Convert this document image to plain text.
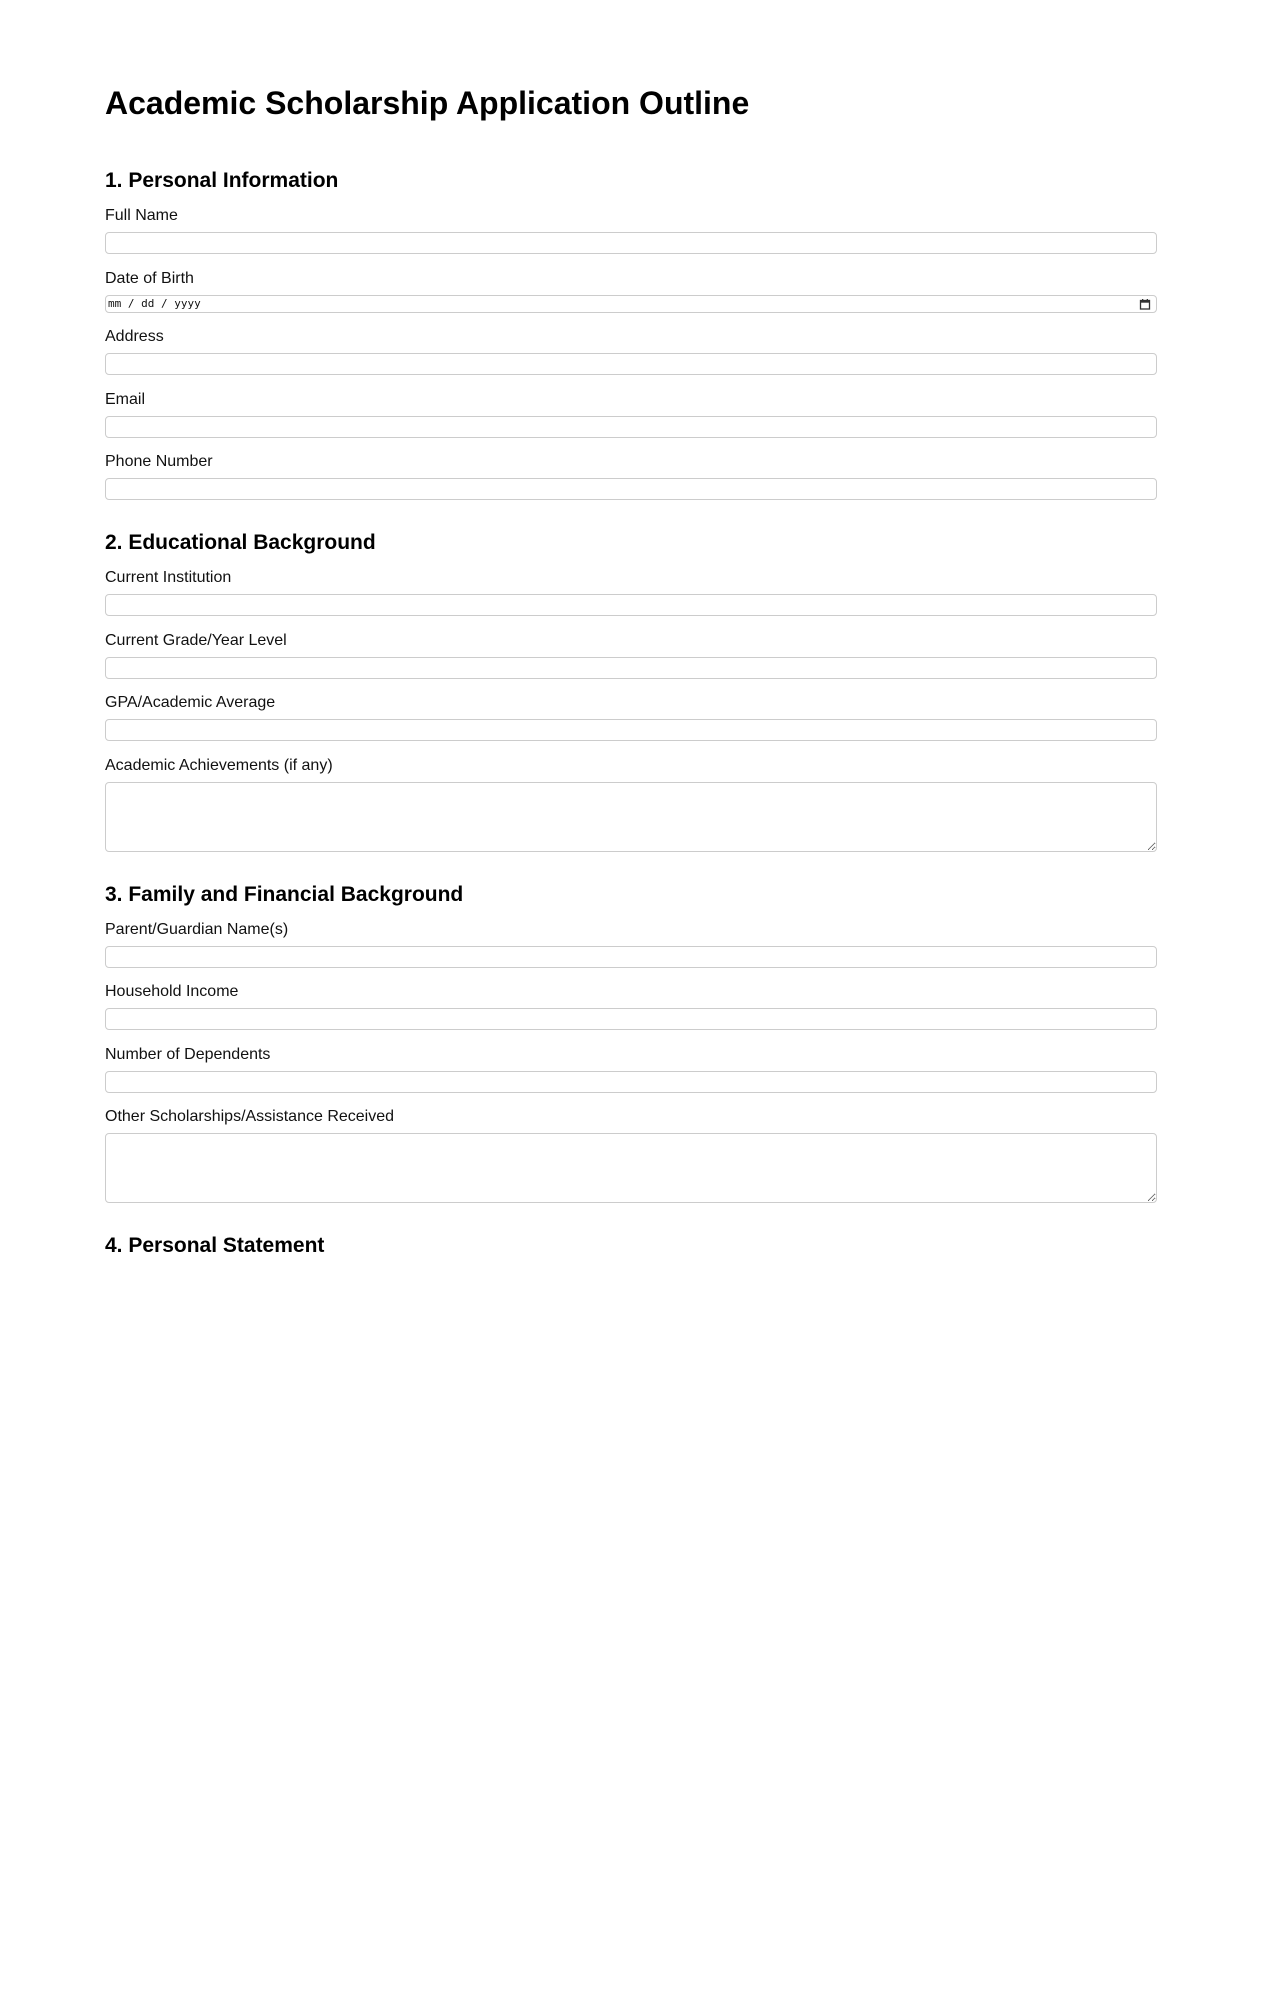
Academic Scholarship Application Outline
1. Personal Information
Full Name
Date of Birth
mm / dd / yyyy
Address
Email
Phone Number
2. Educational Background
Current Institution
Current Grade/Year Level
GPA/Academic Average
Academic Achievements (if any)
3. Family and Financial Background
Parent/Guardian Name(s)
Household Income
Number of Dependents
Other Scholarships/Assistance Received
4. Personal Statement
